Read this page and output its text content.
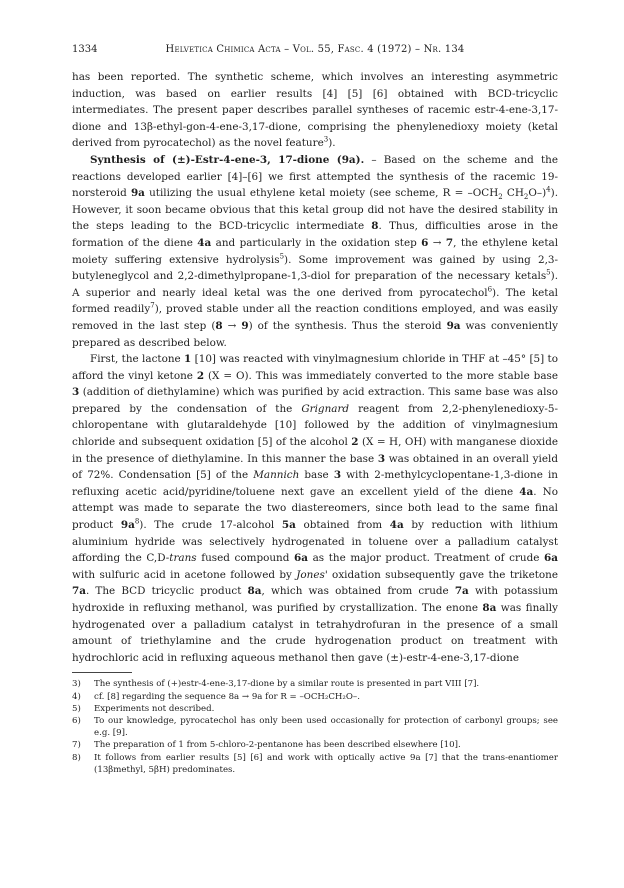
1334	Helvetica Chimica Acta – Vol. 55, Fasc. 4 (1972) – Nr. 134

has been reported. The synthetic scheme, which involves an interesting asymmetric induction, was based on earlier results [4] [5] [6] obtained with BCD-tricyclic intermediates. The present paper describes parallel syntheses of racemic estr-4-ene-3,17-dione and 13β-ethyl-gon-4-ene-3,17-dione, comprising the phenylenedioxy moiety (ketal derived from pyrocatechol) as the novel feature$^3$).

Synthesis of (±)-Estr-4-ene-3, 17-dione (9a). – Based on the scheme and the reactions developed earlier [4]–[6] we first attempted the synthesis of the racemic 19-norsteroid 9a utilizing the usual ethylene ketal moiety (see scheme, $R = -OCH_2$ $CH_2O-)^4$). However, it soon became obvious that this ketal group did not have the desired stability in the steps leading to the BCD-tricyclic intermediate 8. Thus, difficulties arose in the formation of the diene 4a and particularly in the oxidation step 6 → 7, the ethylene ketal moiety suffering extensive hydrolysis$^5$). Some improvement was gained by using 2,3-butyleneglycol and 2,2-dimethylpropane-1,3-diol for preparation of the necessary ketals$^5$). A superior and nearly ideal ketal was the one derived from pyrocatechol$^6$). The ketal formed readily$^7$), proved stable under all the reaction conditions employed, and was easily removed in the last step (8 → 9) of the synthesis. Thus the steroid 9a was conveniently prepared as described below.

First, the lactone 1 [10] was reacted with vinylmagnesium chloride in THF at –45° [5] to afford the vinyl ketone 2 (X = O). This was immediately converted to the more stable base 3 (addition of diethylamine) which was purified by acid extraction. This same base was also prepared by the condensation of the Grignard reagent from 2,2-phenylenedioxy-5-chloropentane with glutaraldehyde [10] followed by the addition of vinylmagnesium chloride and subsequent oxidation [5] of the alcohol 2 (X = H, OH) with manganese dioxide in the presence of diethylamine. In this manner the base 3 was obtained in an overall yield of 72%. Condensation [5] of the Mannich base 3 with 2-methylcyclopentane-1,3-dione in refluxing acetic acid/pyridine/toluene next gave an excellent yield of the diene 4a. No attempt was made to separate the two diastereomers, since both lead to the same final product $9a^8$). The crude 17-alcohol 5a obtained from 4a by reduction with lithium aluminium hydride was selectively hydrogenated in toluene over a palladium catalyst affording the C,D-trans fused compound 6a as the major product. Treatment of crude 6a with sulfuric acid in acetone followed by Jones' oxidation subsequently gave the triketone 7a. The BCD tricyclic product 8a, which was obtained from crude 7a with potassium hydroxide in refluxing methanol, was purified by crystallization. The enone 8a was finally hydrogenated over a palladium catalyst in tetrahydrofuran in the presence of a small amount of triethylamine and the crude hydrogenation product on treatment with hydrochloric acid in refluxing aqueous methanol then gave (±)-estr-4-ene-3,17-dione

3) The synthesis of (+)estr-4-ene-3,17-dione by a similar route is presented in part VIII [7].
4) cf. [8] regarding the sequence 8a → 9a for R = –OCH₂CH₂O–.
5) Experiments not described.
6) To our knowledge, pyrocatechol has only been used occasionally for protection of carbonyl groups; see e.g. [9].
7) The preparation of 1 from 5-chloro-2-pentanone has been described elsewhere [10].
8) It follows from earlier results [5] [6] and work with optically active 9a [7] that the trans-enantiomer (13βmethyl, 5βH) predominates.
